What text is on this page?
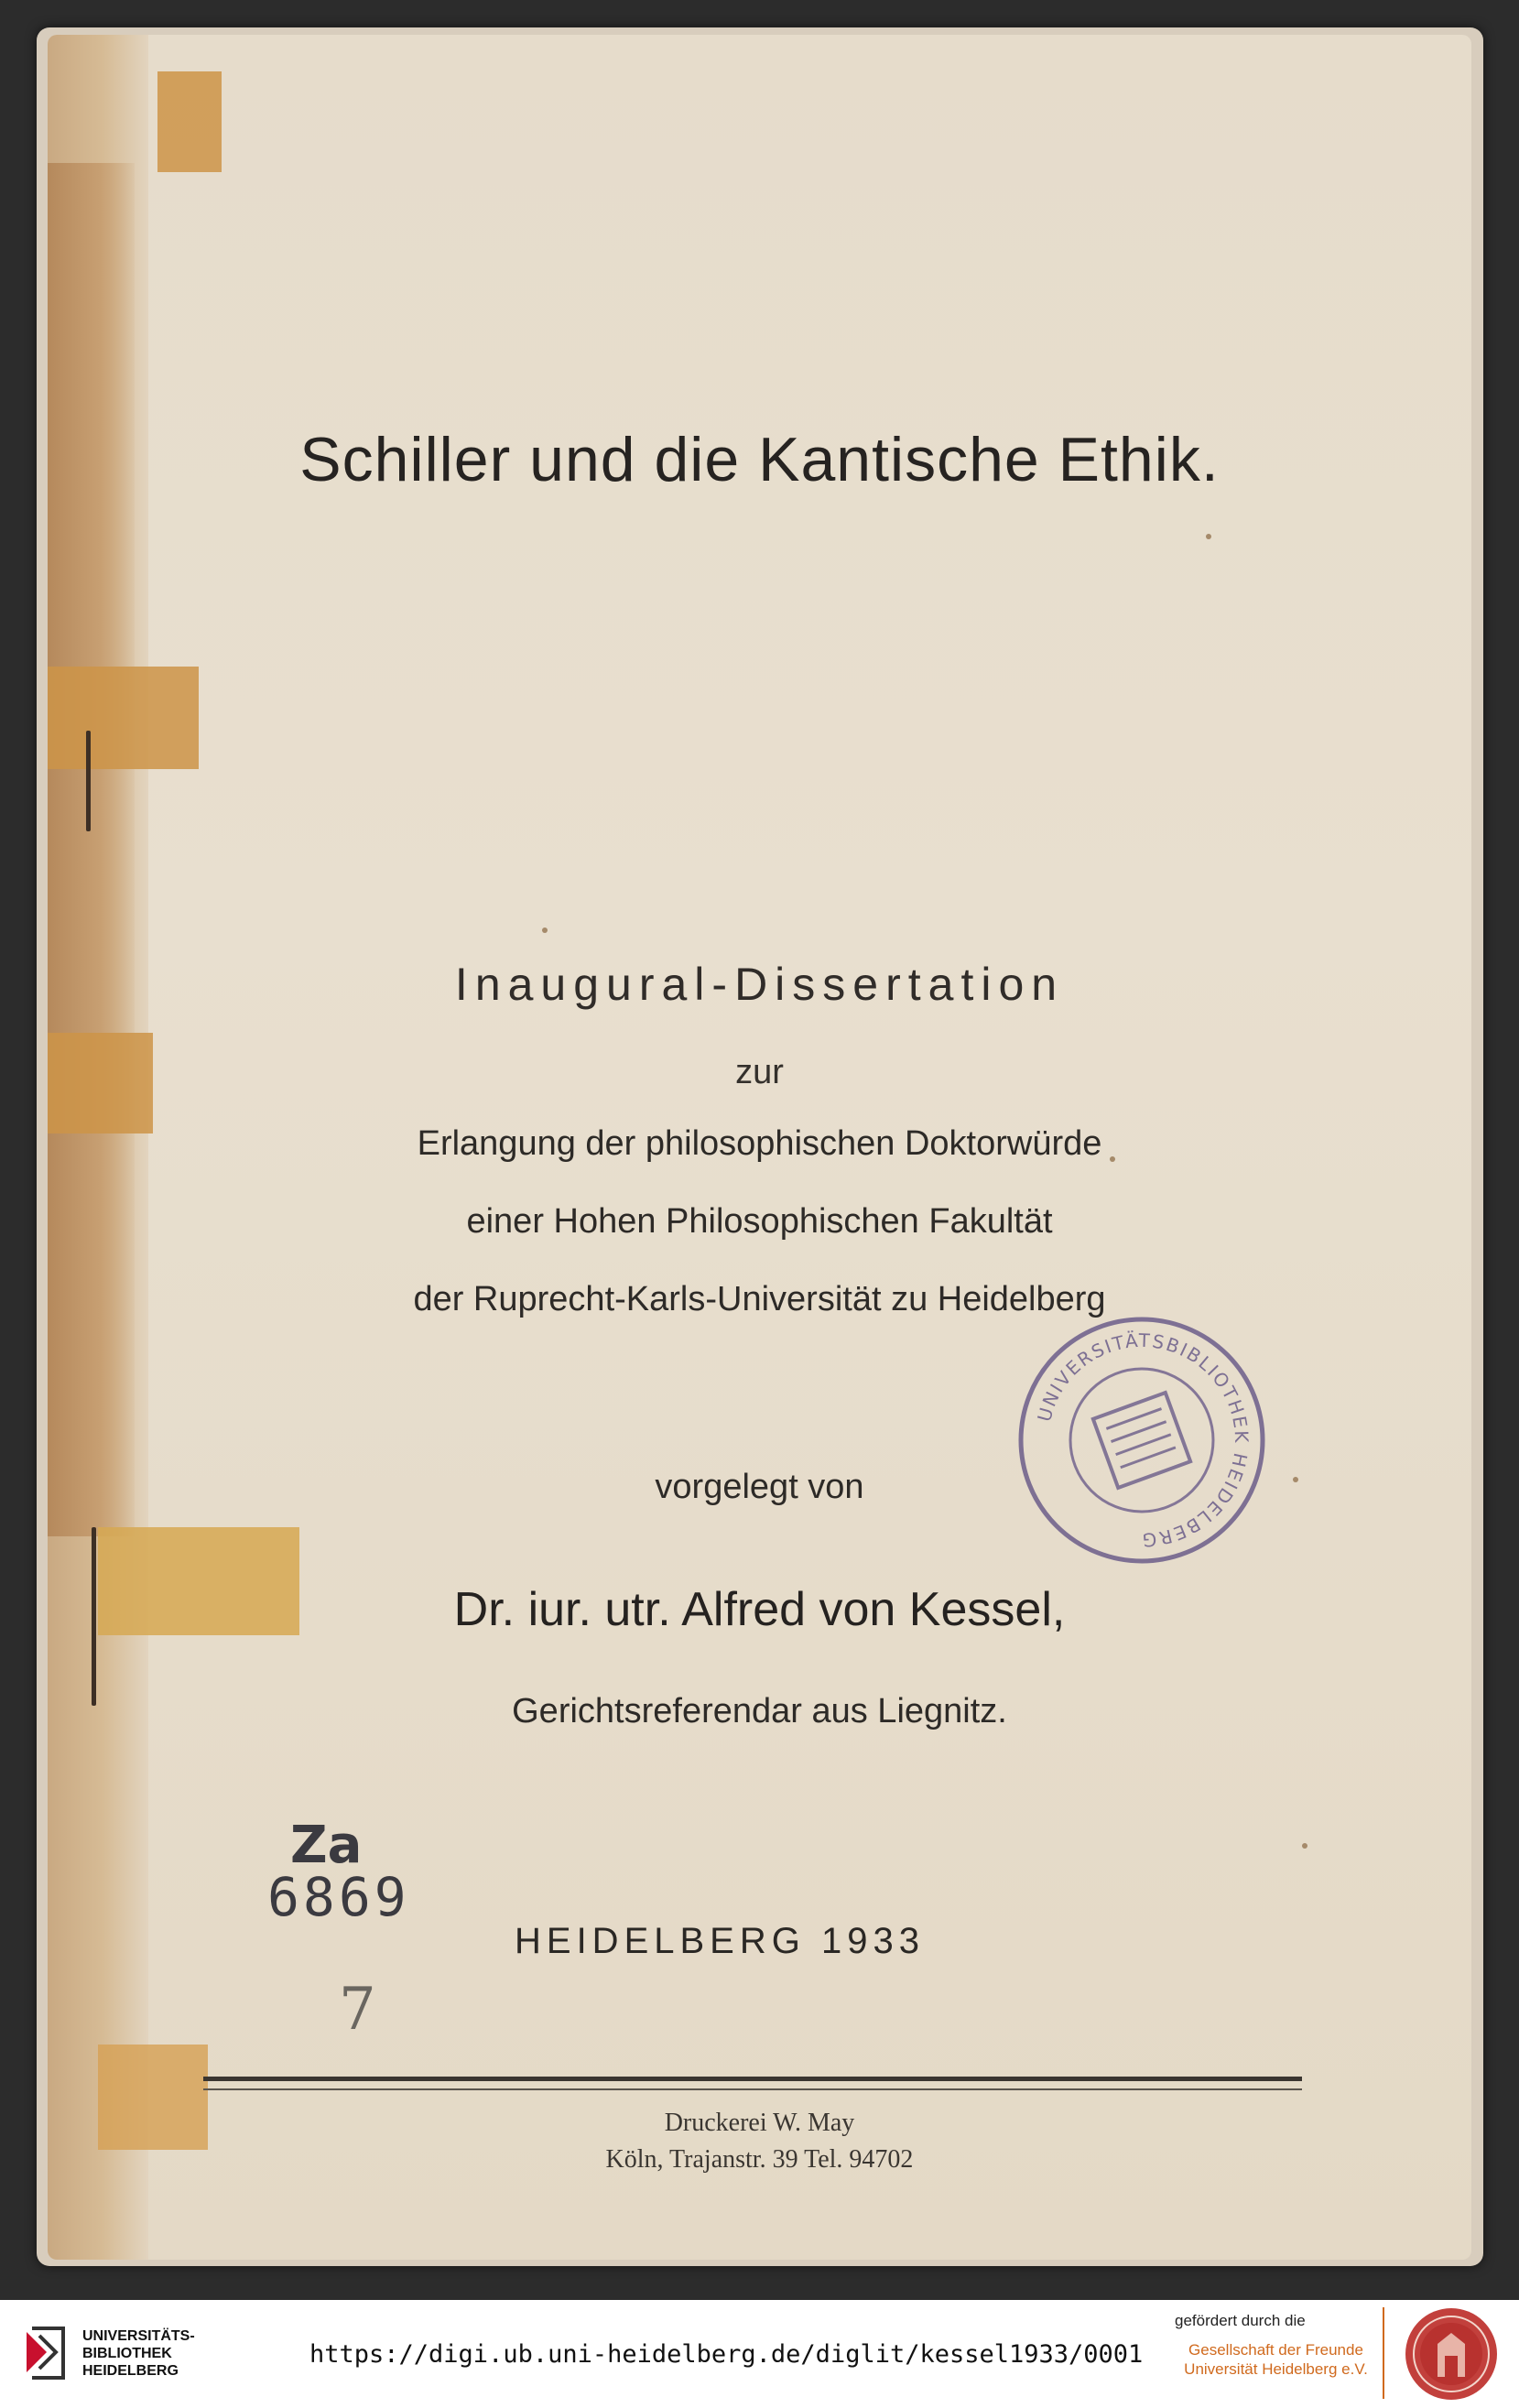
Schiller und die Kantische Ethik.
Inaugural-Dissertation
zur
Erlangung der philosophischen Doktorwürde
einer Hohen Philosophischen Fakultät
der Ruprecht-Karls-Universität zu Heidelberg
vorgelegt von
Dr. iur. utr. Alfred von Kessel,
Gerichtsreferendar aus Liegnitz.
Za
6869
7
HEIDELBERG 1933
Druckerei W. May
Köln, Trajanstr. 39 Tel. 94702
UNIVERSITÄTSBIBLIOTHEK HEIDELBERG
UNIVERSITÄTS-
BIBLIOTHEK
HEIDELBERG
https://digi.ub.uni-heidelberg.de/diglit/kessel1933/0001
gefördert durch die
Gesellschaft der Freunde
Universität Heidelberg e.V.
